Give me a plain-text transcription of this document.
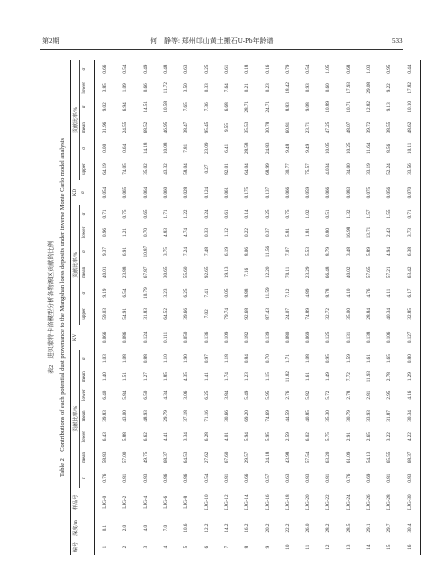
第2期	何　静等: 郑州邙山黄土搬石U-Pb年龄谱	533
表2　进贝蒙特卡洛模型分析各物源区贡献的比例 Table 2　Contributions of each potential dust provenance to the Mangshan loess deposits under inverse Monte Carlo model analysis
编号	深度/m	样品号	贡献比率/%							KV	贡献比率/%						KD	贡献比率/%					
			r	mean	lower	mean	lower	mean	σ		upper	σ	mean	σ	lower	σ	σ	upper	σ	mean	σ	lower	σ

1	0.1	LJG-0	0.76	58.83	6.43	39.83	6.40	1.40	1.03	0.066	59.03	9.19	40.01	9.37	0.96	0.71	0.054	64.19	0.00	31.96	9.02	3.85	0.66
2	2.0	LJG-2	0.81	57.00	5.88	43.00	5.84	1.51	1.08	0.086	54.91	6.54	23.88	6.91	1.21	0.75	0.065	74.05	0.64	24.55	6.94	1.09	0.54
3	4.0	LJG-4	0.83	49.75	6.62	48.93	6.50	1.27	0.88	0.124	31.83	10.79	67.87	10.87	0.70	0.65	0.064	35.02	14.18	68.52	14.51	0.66	0.49
4	7.0	LJG-6	0.86	68.37	4.41	29.79	4.34	1.85	1.10	0.111	64.52	3.23	30.65	3.75	4.83	1.71	0.060	43.32	10.08	46.95	10.58	11.72	0.48
5	10.6	LJG-8	0.86	64.53	3.34	37.18	3.06	4.35	1.90	0.050	39.66	6.25	55.60	7.24	4.74	1.22	0.028	58.04	7.81	38.47	7.65	3.50	0.63
6	12.2	LJG-10	0.54	27.62	6.28	71.16	6.25	1.41	0.97	0.136	7.02	7.41	92.65	7.48	0.33	0.24	0.124	0.27	23.09	95.45	7.36	0.33	0.25
7	14.2	LJG-12	0.81	67.60	4.01	30.66	3.84	1.74	1.18	0.109	79.74	0.05	19.13	6.19	1.12	0.61	0.061	82.01	6.41	9.55	6.68	7.64	0.61
8	16.2	LJG-14	0.66	29.57	5.94	69.20	5.49	1.23	0.84	0.182	92.68	8.88	7.16	8.06	0.22	0.14	0.175	64.04	28.58	35.53	28.71	0.21	0.18
9	20.2	LJG-16	0.57	24.18	5.95	74.69	5.95	1.15	0.70	0.139	87.43	11.59	12.20	11.56	0.37	0.25	0.137	68.99	24.83	30.78	24.71	0.23	0.16
10	22.2	LJG-18	0.63	43.98	2.59	44.59	2.76	11.82	1.71	0.080	24.07	7.12	70.11	7.07	5.81	0.75	0.066	30.77	9.48	60.81	8.83	18.42	0.79
11	26.0	LJG-20	0.83	57.54	6.02	40.85	5.82	1.61	1.08	0.069	74.89	4.89	23.29	5.53	1.81	1.02	0.059	75.57	9.49	23.71	9.08	0.93	0.54
12	28.2	LJG-22	0.81	63.20	5.75	35.30	5.72	1.49	0.95	0.125	32.72	8.78	66.48	8.79	0.80	0.51	0.066	4.034	10.05	47.25	10.89	0.60	1.05
13	28.5	LJG-24	0.76	61.09	2.91	30.79	2.78	7.72	1.59	0.131	35.00	4.10	40.02	3.48	16.98	1.32	0.083	34.00	10.25	48.07	10.71	17.93	0.68
14	29.1	LJG-26	0.69	54.13	2.65	33.93	2.81	11.93	1.61	0.138	28.84	4.76	57.65	5.89	13.71	1.57	0.075	33.19	11.64	39.72	12.82	29.08	1.03
15	29.7	LJG-28	0.81	65.55	3.22	31.87	2.95	2.78	1.65	0.106	40.34	4.11	57.21	4.94	2.43	1.55	0.056	52.24	8.56	38.55	9.13	9.22	0.95
16	30.4	LJG-30	0.83	68.37	4.22	30.34	4.16	1.29	0.80	0.127	32.85	6.17	63.42	6.38	3.73	0.71	0.070	33.56	10.11	48.62	10.10	17.82	0.44
